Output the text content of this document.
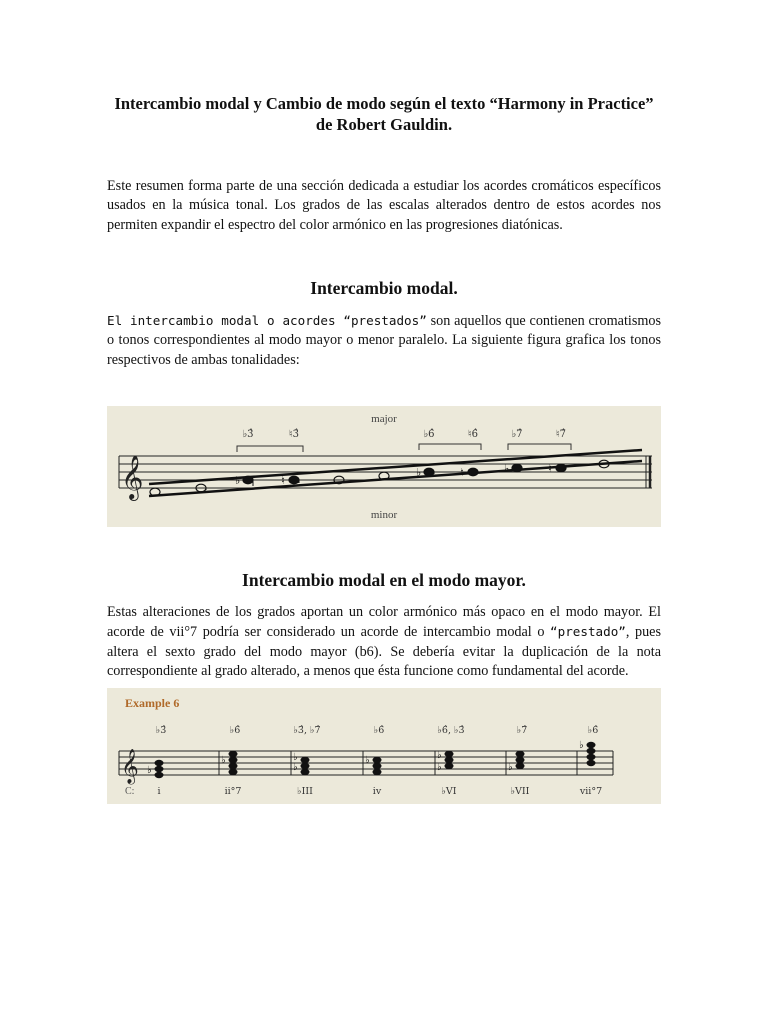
Intercambio modal y Cambio de modo según el texto “Harmony in Practice” de Robert Gauldin.
Este resumen forma parte de una sección dedicada a estudiar los acordes cromáticos específicos usados en la música tonal. Los grados de las escalas alterados dentro de estos acordes nos permiten expandir el espectro del color armónico en las progresiones diatónicas.
Intercambio modal.
El intercambio modal o acordes “prestados” son aquellos que contienen cromatismos o tonos correspondientes al modo mayor o menor paralelo. La siguiente figura grafica los tonos respectivos de ambas tonalidades:
major
minor
♭3̂	♮3̂	♭6̂	♮6̂	♭7̂	♮7̂
𝄞	♭	♮
♭	♮	♭	♮
Intercambio modal en el modo mayor.
Estas alteraciones de los grados aportan un color armónico más opaco en el modo mayor. El acorde de vii°7 podría ser considerado un acorde de intercambio modal o “prestado”, pues altera el sexto grado del modo mayor (b6). Se debería evitar la duplicación de la nota correspondiente al grado alterado, a menos que ésta funcione como fundamental del acorde.
Example 6
♭3̂	♭6̂	♭3̂, ♭7̂	♭6̂	♭6̂, ♭3̂	♭7̂	♭6̂
𝄞 ♭
♭
♭
♭	♭
♭
♭
♭
♭
C: i	ii°7	♭III	iv	♭VI	♭VII	vii°7
